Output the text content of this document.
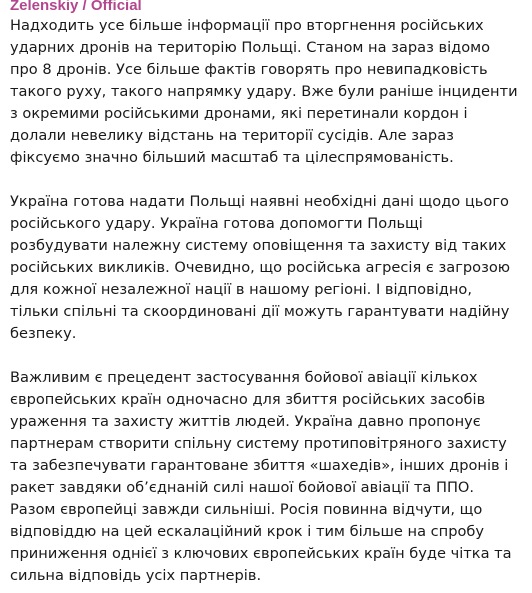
Zelenskiy / Official
Надходить усе більше інформації про вторгнення російських
ударних дронів на територію Польщі. Станом на зараз відомо
про 8 дронів. Усе більше фактів говорять про невипадковість
такого руху, такого напрямку удару. Вже були раніше інциденти
з окремими російськими дронами, які перетинали кордон і
долали невелику відстань на території сусідів. Але зараз
фіксуємо значно більший масштаб та цілеспрямованість.
Україна готова надати Польщі наявні необхідні дані щодо цього
російського удару. Україна готова допомогти Польщі
розбудувати належну систему оповіщення та захисту від таких
російських викликів. Очевидно, що російська агресія є загрозою
для кожної незалежної нації в нашому регіоні. І відповідно,
тільки спільні та скоординовані дії можуть гарантувати надійну
безпеку.
Важливим є прецедент застосування бойової авіації кількох
європейських країн одночасно для збиття російських засобів
ураження та захисту життів людей. Україна давно пропонує
партнерам створити спільну систему протиповітряного захисту
та забезпечувати гарантоване збиття «шахедів», інших дронів і
ракет завдяки об’єднаній силі нашої бойової авіації та ППО.
Разом європейці завжди сильніші. Росія повинна відчути, що
відповіддю на цей ескалаційний крок і тим більше на спробу
приниження однієї з ключових європейських країн буде чітка та
сильна відповідь усіх партнерів.
